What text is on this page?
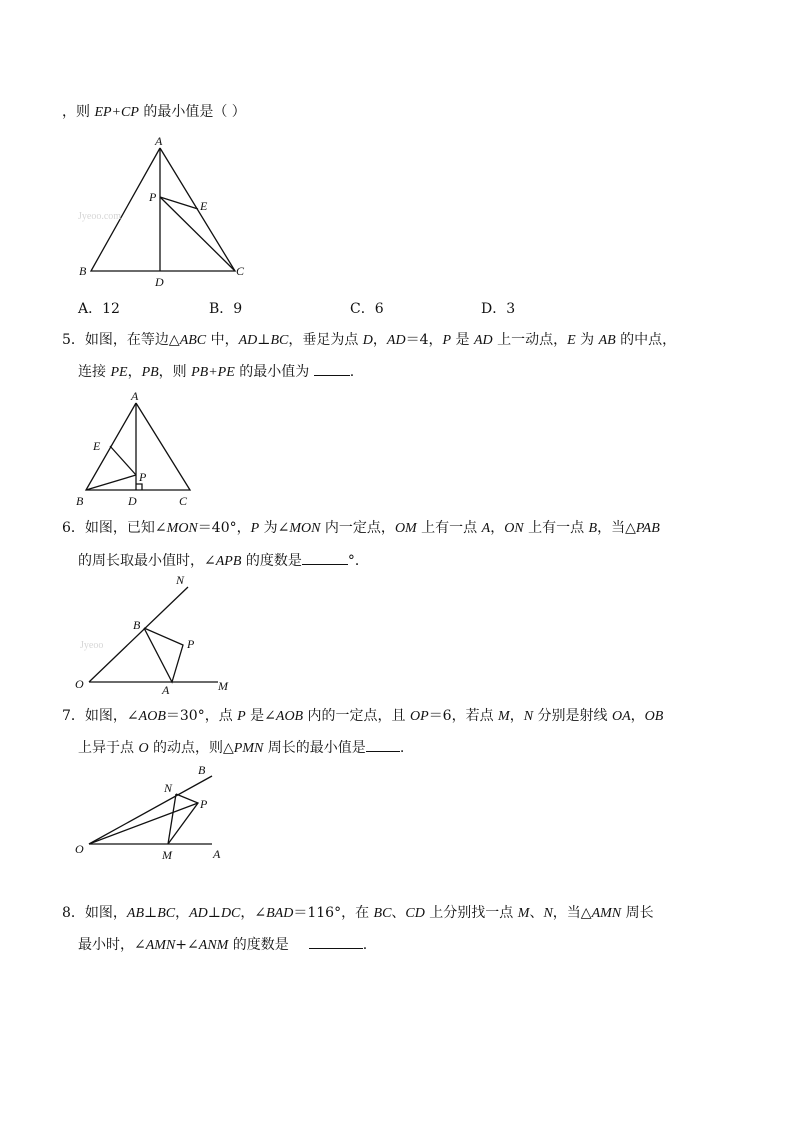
，则 EP+CP 的最小值是（ ）
Jyeoo.com
A
P
E
B
D
C
A．12	B．9	C．6	D．3
5．如图，在等边△ABC 中，AD⊥BC，垂足为点 D，AD＝4，P 是 AD 上一动点，E 为 AB 的中点，
连接 PE，PB，则 PB+PE 的最小值为	.
A
E
P
B	D	C
6．如图，已知∠MON＝40°，P 为∠MON 内一定点，OM 上有一点 A，ON 上有一点 B，当△PAB
的周长取最小值时，∠APB 的度数是	°．
Jyeoo
N
B
P
O	A	M
7．如图，∠AOB＝30°，点 P 是∠AOB 内的一定点，且 OP＝6，若点 M，N 分别是射线 OA，OB
上异于点 O 的动点，则△PMN 周长的最小值是 .
B
N
P
O	M	A
8．如图，AB⊥BC，AD⊥DC，∠BAD＝116°，在 BC、CD 上分别找一点 M、N，当△AMN 周长
最小时，∠AMN+∠ANM 的度数是	.
